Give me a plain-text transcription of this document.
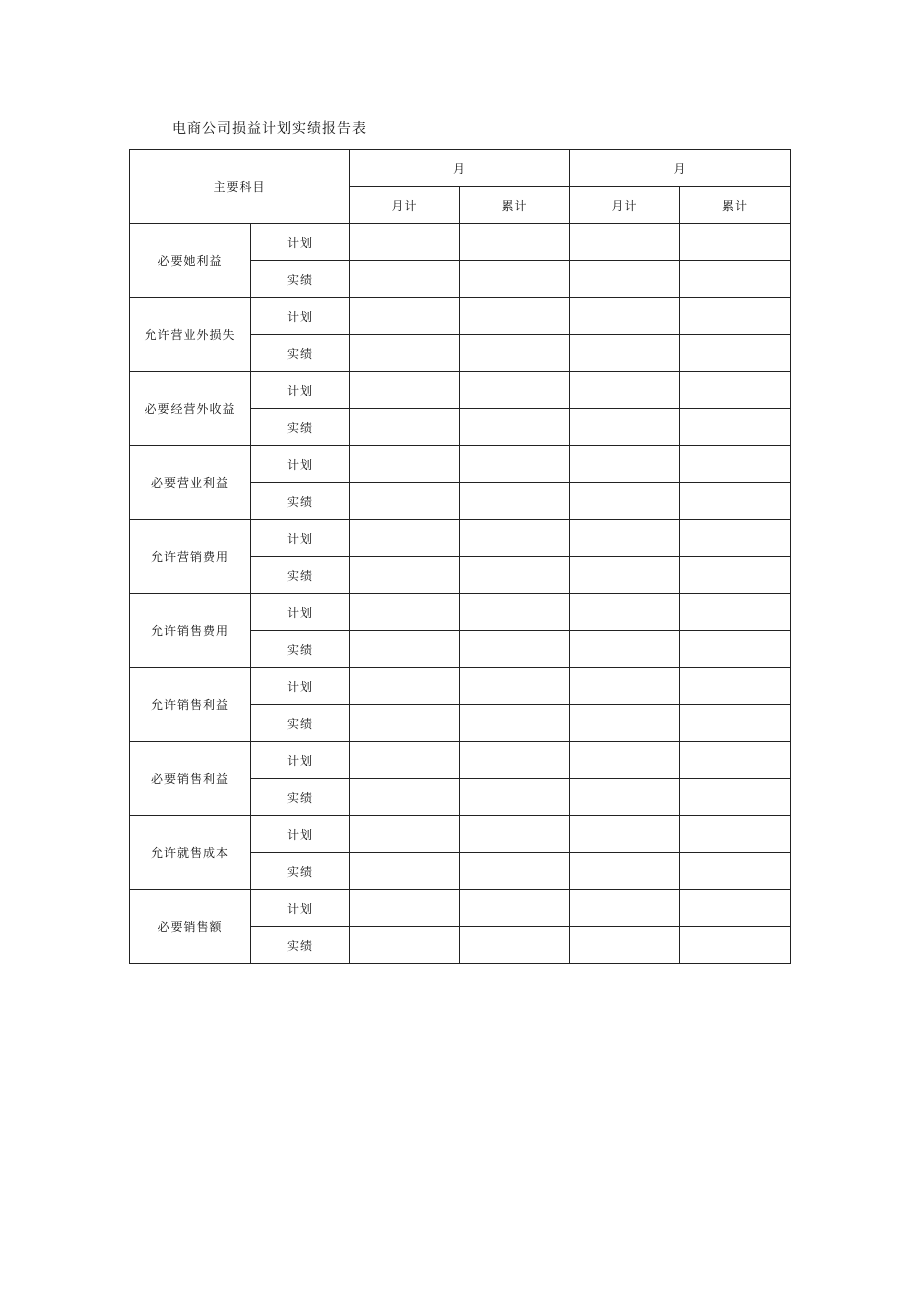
电商公司损益计划实绩报告表
主要科目		月		月	
		月计	累计	月计	累计
必要她利益	计划				
	实绩				
允许营业外损失	计划				
	实绩				
必要经营外收益	计划				
	实绩				
必要营业利益	计划				
	实绩				
允许营销费用	计划				
	实绩				
允许销售费用	计划				
	实绩				
允许销售利益	计划				
	实绩				
必要销售利益	计划				
	实绩				
允许就售成本	计划				
	实绩				
必要销售额	计划				
	实绩				
